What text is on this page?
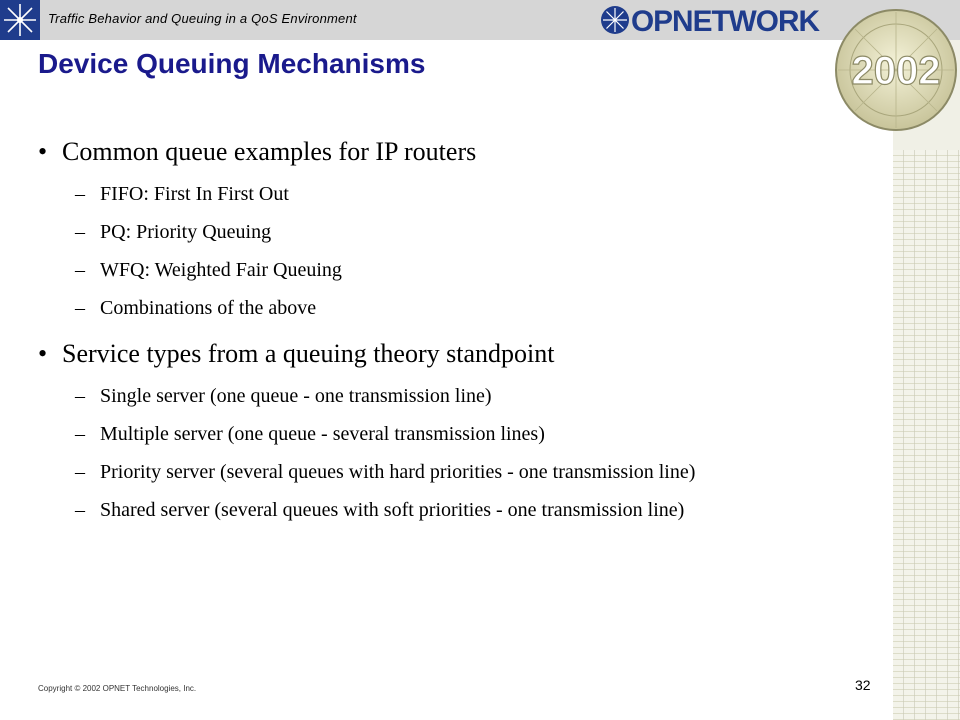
Traffic Behavior and Queuing in a QoS Environment	OPNETWORK
2002
Device Queuing Mechanisms
• Common queue examples for IP routers
– FIFO: First In First Out
– PQ: Priority Queuing
– WFQ: Weighted Fair Queuing
– Combinations of the above
• Service types from a queuing theory standpoint
– Single server (one queue - one transmission line)
– Multiple server (one queue - several transmission lines)
– Priority server (several queues with hard priorities - one transmission line)
– Shared server (several queues with soft priorities - one transmission line)
Copyright © 2002 OPNET Technologies, Inc.	32
